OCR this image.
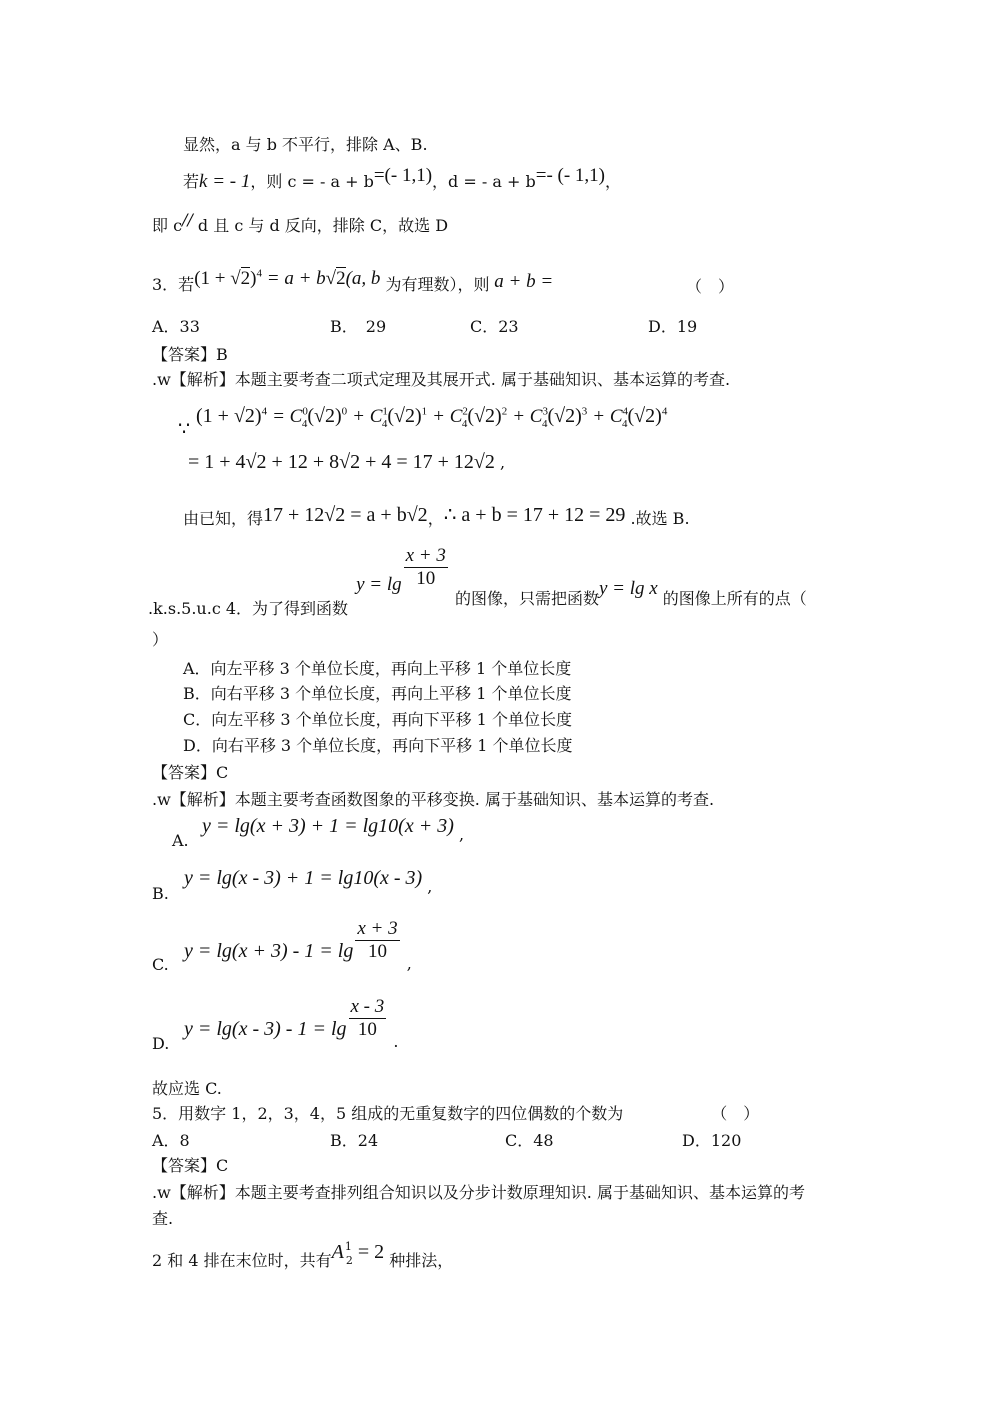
显然，a 与 b 不平行，排除 A、B.
若k = - 1，则 c = - a + b=(- 1,1)，d = - a + b=- (- 1,1)，
即 c// d 且 c 与 d 反向，排除 C，故选 D
3．若$(1 + √2)^4 = a + b√2(a$, b 为有理数），则 a + b =	（　）
A．33	B．　29	C．23	D．19
【答案】B
.w【解析】本题主要考查二项式定理及其展开式. 属于基础知识、基本运算的考查.
∵
$(1 + √2)^4 = C^0_4(√2)^0 + C^1_4(√2)^1 + C^2_4(√2)^2 + C^3_4(√2)^3 + C^4_4(√2)^4$
= 1 + 4√2 + 12 + 8√2 + 4 = 17 + 12√2 ,
由已知，得17 + 12√2 = a + b√2，∴ a + b = 17 + 12 = 29 .故选 B.
.k.s.5.u.c 4．为了得到函数$y = \lg \frac{x + 3}{10}$
的图像，只需把函数y = lg x 的图像上所有的点（
）
A．向左平移 3 个单位长度，再向上平移 1 个单位长度
B．向右平移 3 个单位长度，再向上平移 1 个单位长度
C．向左平移 3 个单位长度，再向下平移 1 个单位长度
D．向右平移 3 个单位长度，再向下平移 1 个单位长度
【答案】C
.w【解析】本题主要考查函数图象的平移变换. 属于基础知识、基本运算的考查.
A.
y = lg(x + 3) + 1 = lg10(x + 3) ,
B.
y = lg(x - 3) + 1 = lg10(x - 3) ,
C.
$y = \lg(x + 3) - 1 = \lg \frac{x + 3}{10}$
,
D.
$y = \lg(x - 3) - 1 = \lg \frac{x - 3}{10}$
.
故应选 C.
5．用数字 1，2，3，4，5 组成的无重复数字的四位偶数的个数为　　　　　　（　）
A．8	B．24	C．48	D．120
【答案】C
.w【解析】本题主要考查排列组合知识以及分步计数原理知识. 属于基础知识、基本运算的考
查.
2 和 4 排在末位时，共有$A^1_2 = 2$ 种排法，
